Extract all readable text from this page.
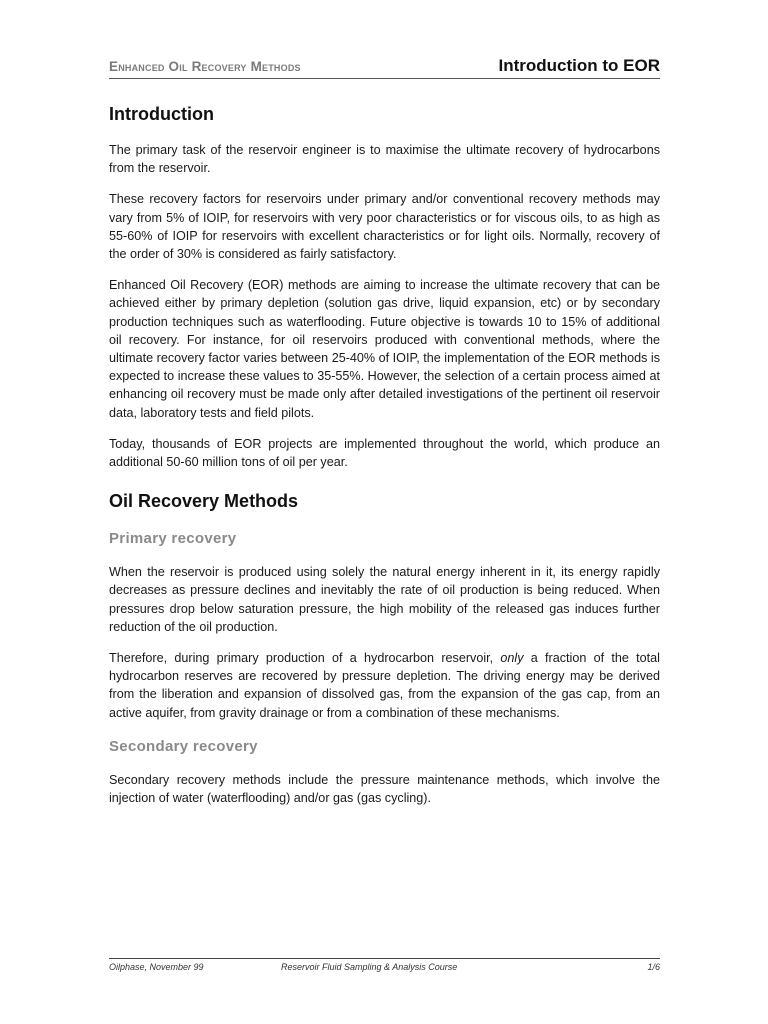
Enhanced Oil Recovery Methods	Introduction to EOR
Introduction

The primary task of the reservoir engineer is to maximise the ultimate recovery of hydrocarbons from the reservoir.

These recovery factors for reservoirs under primary and/or conventional recovery methods may vary from 5% of IOIP, for reservoirs with very poor characteristics or for viscous oils, to as high as 55-60% of IOIP for reservoirs with excellent characteristics or for light oils. Normally, recovery of the order of 30% is considered as fairly satisfactory.

Enhanced Oil Recovery (EOR) methods are aiming to increase the ultimate recovery that can be achieved either by primary depletion (solution gas drive, liquid expansion, etc) or by secondary production techniques such as waterflooding. Future objective is towards 10 to 15% of additional oil recovery. For instance, for oil reservoirs produced with conventional methods, where the ultimate recovery factor varies between 25-40% of IOIP, the implementation of the EOR methods is expected to increase these values to 35-55%. However, the selection of a certain process aimed at enhancing oil recovery must be made only after detailed investigations of the pertinent oil reservoir data, laboratory tests and field pilots.

Today, thousands of EOR projects are implemented throughout the world, which produce an additional 50-60 million tons of oil per year.

Oil Recovery Methods
Primary recovery

When the reservoir is produced using solely the natural energy inherent in it, its energy rapidly decreases as pressure declines and inevitably the rate of oil production is being reduced. When pressures drop below saturation pressure, the high mobility of the released gas induces further reduction of the oil production.

Therefore, during primary production of a hydrocarbon reservoir, only a fraction of the total hydrocarbon reserves are recovered by pressure depletion. The driving energy may be derived from the liberation and expansion of dissolved gas, from the expansion of the gas cap, from an active aquifer, from gravity drainage or from a combination of these mechanisms.

Secondary recovery

Secondary recovery methods include the pressure maintenance methods, which involve the injection of water (waterflooding) and/or gas (gas cycling).

Oilphase, November 99	Reservoir Fluid Sampling & Analysis Course	1/6
